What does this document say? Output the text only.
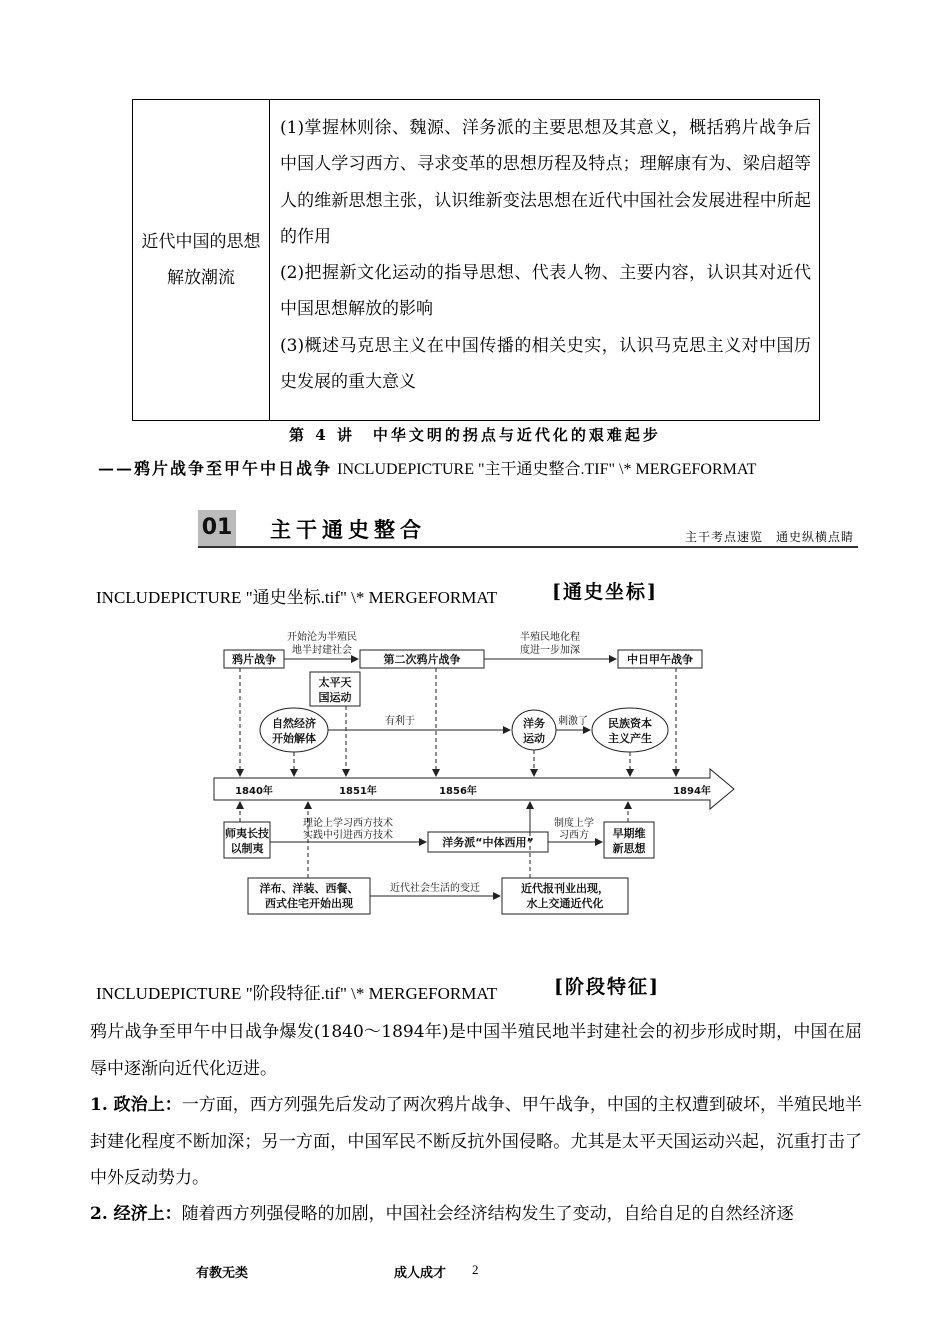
近代中国的思想解放潮流

(1)掌握林则徐、魏源、洋务派的主要思想及其意义，概括鸦片战争后中国人学习西方、寻求变革的思想历程及特点；理解康有为、梁启超等人的维新思想主张，认识维新变法思想在近代中国社会发展进程中所起的作用

(2)把握新文化运动的指导思想、代表人物、主要内容，认识其对近代中国思想解放的影响

(3)概述马克思主义在中国传播的相关史实，认识马克思主义对中国历史发展的重大意义

第 4 讲　中华文明的拐点与近代化的艰难起步
——鸦片战争至甲午中日战争 INCLUDEPICTURE "主干通史整合.TIF" \* MERGEFORMAT
01 主干通史整合	主干考点速览　通史纵横点睛
INCLUDEPICTURE "通史坐标.tif" \* MERGEFORMAT	[通史坐标]
鸦片战争	第二次鸦片战争	中日甲午战争
开始沦为半殖民
地半封建社会
半殖民地化程
度进一步加深
太平天
国运动
自然经济
开始解体
有利于	洋务
运动
刺激了 民族资本
主义产生
1840年	1851年	1856年	1894年
师夷长技
以制夷
理论上学习西方技术
实践中引进西方技术
洋务派“中体西用”
制度上学
习西方 早期维
新思想
洋布、洋装、西餐、
西式住宅开始出现
近代社会生活的变迁	近代报刊业出现，
水上交通近代化
INCLUDEPICTURE "阶段特征.tif" \* MERGEFORMAT	[阶段特征]
鸦片战争至甲午中日战争爆发(1840～1894年)是中国半殖民地半封建社会的初步形成时期，中国在屈辱中逐渐向近代化迈进。
1. 政治上：一方面，西方列强先后发动了两次鸦片战争、甲午战争，中国的主权遭到破坏，半殖民地半封建化程度不断加深；另一方面，中国军民不断反抗外国侵略。尤其是太平天国运动兴起，沉重打击了中外反动势力。
2. 经济上：随着西方列强侵略的加剧，中国社会经济结构发生了变动，自给自足的自然经济逐
有教无类	成人成才 2
